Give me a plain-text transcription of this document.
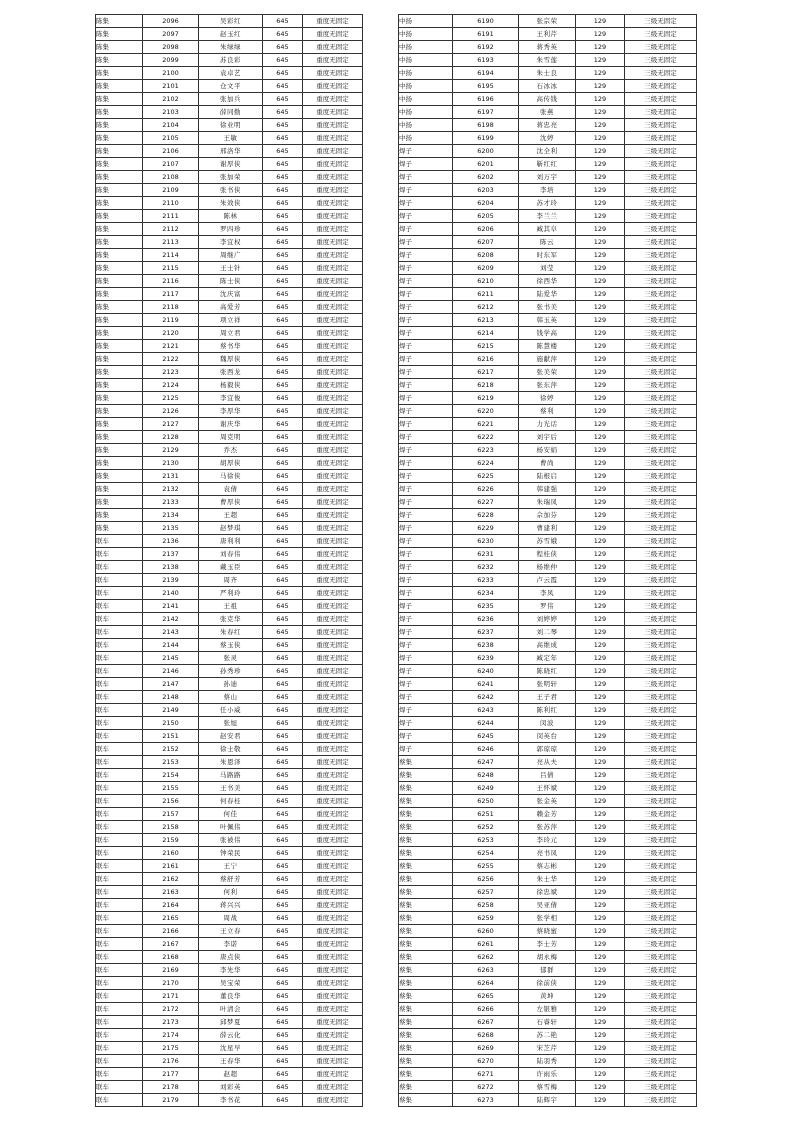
陈集	2096	吴彩红	645	重度无固定
陈集	2097	赵玉红	645	重度无固定
陈集	2098	朱绿绿	645	重度无固定
陈集	2099	苏良彩	645	重度无固定
陈集	2100	袁卓艺	645	重度无固定
陈集	2101	仓文平	645	重度无固定
陈集	2102	张加兵	645	重度无固定
陈集	2103	薛同勤	645	重度无固定
陈集	2104	徐业明	645	重度无固定
陈集	2105	王敏	645	重度无固定
陈集	2106	邢洛华	645	重度无固定
陈集	2107	谢厚侠	645	重度无固定
陈集	2108	张加荣	645	重度无固定
陈集	2109	张书侠	645	重度无固定
陈集	2110	朱效侠	645	重度无固定
陈集	2111	陈林	645	重度无固定
陈集	2112	罗四珍	645	重度无固定
陈集	2113	李宜权	645	重度无固定
陈集	2114	周继广	645	重度无固定
陈集	2115	王士针	645	重度无固定
陈集	2116	陈士侠	645	重度无固定
陈集	2117	沈庆富	645	重度无固定
陈集	2118	高爱芳	645	重度无固定
陈集	2119	项立祥	645	重度无固定
陈集	2120	周立君	645	重度无固定
陈集	2121	蔡书华	645	重度无固定
陈集	2122	魏厚侠	645	重度无固定
陈集	2123	张西龙	645	重度无固定
陈集	2124	杨毅侠	645	重度无固定
陈集	2125	李宜俊	645	重度无固定
陈集	2126	李厚华	645	重度无固定
陈集	2127	谢庆华	645	重度无固定
陈集	2128	周克明	645	重度无固定
陈集	2129	乔杰	645	重度无固定
陈集	2130	胡厚侠	645	重度无固定
陈集	2131	马徐侠	645	重度无固定
陈集	2132	袁倩	645	重度无固定
陈集	2133	曹厚侠	645	重度无固定
陈集	2134	王超	645	重度无固定
陈集	2135	赵梦琪	645	重度无固定
联车	2136	唐利利	645	重度无固定
联车	2137	刘春伟	645	重度无固定
联车	2138	戴玉臣	645	重度无固定
联车	2139	周齐	645	重度无固定
联车	2140	严利玲	645	重度无固定
联车	2141	王祖	645	重度无固定
联车	2142	张克华	645	重度无固定
联车	2143	朱春红	645	重度无固定
联车	2144	蔡玉侠	645	重度无固定
联车	2145	张灵	645	重度无固定
联车	2146	孙秀珍	645	重度无固定
联车	2147	孙迪	645	重度无固定
联车	2148	蔡山	645	重度无固定
联车	2149	任小威	645	重度无固定
联车	2150	张旭	645	重度无固定
联车	2151	赵安君	645	重度无固定
联车	2152	徐士敬	645	重度无固定
联车	2153	朱恩泽	645	重度无固定
联车	2154	马路路	645	重度无固定
联车	2155	王书美	645	重度无固定
联车	2156	何春桂	645	重度无固定
联车	2157	何佳	645	重度无固定
联车	2158	叶佩伟	645	重度无固定
联车	2159	张被伟	645	重度无固定
联车	2160	钟荣民	645	重度无固定
联车	2161	王宁	645	重度无固定
联车	2162	蔡舒芳	645	重度无固定
联车	2163	何利	645	重度无固定
联车	2164	蒋兴兴	645	重度无固定
联车	2165	周战	645	重度无固定
联车	2166	王立春	645	重度无固定
联车	2167	李诺	645	重度无固定
联车	2168	唐点侠	645	重度无固定
联车	2169	李先华	645	重度无固定
联车	2170	吴宝荣	645	重度无固定
联车	2171	董良华	645	重度无固定
联车	2172	叶清会	645	重度无固定
联车	2173	邱梦夏	645	重度无固定
联车	2174	薛云化	645	重度无固定
联车	2175	沈星早	645	重度无固定
联车	2176	王春华	645	重度无固定
联车	2177	赵超	645	重度无固定
联车	2178	刘彩英	645	重度无固定
联车	2179	李书花	645	重度无固定
中扬	6190	张宗荣	129	三级无固定
中扬	6191	王利芹	129	三级无固定
中扬	6192	蒋秀英	129	三级无固定
中扬	6193	朱雪莲	129	三级无固定
中扬	6194	朱士良	129	三级无固定
中扬	6195	石冰冰	129	三级无固定
中扬	6196	高传钱	129	三级无固定
中扬	6197	张燕	129	三级无固定
中扬	6198	蒋忠亮	129	三级无固定
中扬	6199	沈婷	129	三级无固定
焊子	6200	沈全利	129	三级无固定
焊子	6201	靳红红	129	三级无固定
焊子	6202	刘万宇	129	三级无固定
焊子	6203	李培	129	三级无固定
焊子	6204	苏才玲	129	三级无固定
焊子	6205	李兰兰	129	三级无固定
焊子	6206	臧其阜	129	三级无固定
焊子	6207	陈云	129	三级无固定
焊子	6208	时东军	129	三级无固定
焊子	6209	刘莹	129	三级无固定
焊子	6210	徐西华	129	三级无固定
焊子	6211	陆爱华	129	三级无固定
焊子	6212	张书美	129	三级无固定
焊子	6213	韩玉英	129	三级无固定
焊子	6214	钱学高	129	三级无固定
焊子	6215	陈慧楼	129	三级无固定
焊子	6216	施献萍	129	三级无固定
焊子	6217	张美荣	129	三级无固定
焊子	6218	张东萍	129	三级无固定
焊子	6219	徐婷	129	三级无固定
焊子	6220	蔡利	129	三级无固定
焊子	6221	力光话	129	三级无固定
焊子	6222	刘宇后	129	三级无固定
焊子	6223	杨安娟	129	三级无固定
焊子	6224	曹尚	129	三级无固定
焊子	6225	陆根启	129	三级无固定
焊子	6226	韩建强	129	三级无固定
焊子	6227	朱瑞凤	129	三级无固定
焊子	6228	佘加芬	129	三级无固定
焊子	6229	曹建利	129	三级无固定
焊子	6230	苏雪娥	129	三级无固定
焊子	6231	程桂侠	129	三级无固定
焊子	6232	杨维仲	129	三级无固定
焊子	6233	卢云霞	129	三级无固定
焊子	6234	李凤	129	三级无固定
焊子	6235	罗伟	129	三级无固定
焊子	6236	刘婷婷	129	三级无固定
焊子	6237	刘二琴	129	三级无固定
焊子	6238	高维成	129	三级无固定
焊子	6239	臧定年	129	三级无固定
焊子	6240	陈晓红	129	三级无固定
焊子	6241	张明轩	129	三级无固定
焊子	6242	王子君	129	三级无固定
焊子	6243	陈利红	129	三级无固定
焊子	6244	闵波	129	三级无固定
焊子	6245	闵英台	129	三级无固定
焊子	6246	郭琼琼	129	三级无固定
蔡集	6247	亮从夫	129	三级无固定
蔡集	6248	吕倩	129	三级无固定
蔡集	6249	王怀斌	129	三级无固定
蔡集	6250	张金英	129	三级无固定
蔡集	6251	赖金芳	129	三级无固定
蔡集	6252	张苏萍	129	三级无固定
蔡集	6253	李玲元	129	三级无固定
蔡集	6254	亮书凤	129	三级无固定
蔡集	6255	蔡志彬	129	三级无固定
蔡集	6256	朱士华	129	三级无固定
蔡集	6257	徐忠斌	129	三级无固定
蔡集	6258	吴亚倩	129	三级无固定
蔡集	6259	张学相	129	三级无固定
蔡集	6260	蔡晓蜜	129	三级无固定
蔡集	6261	李士芳	129	三级无固定
蔡集	6262	胡永梅	129	三级无固定
蔡集	6263	郁群	129	三级无固定
蔡集	6264	徐前侠	129	三级无固定
蔡集	6265	黄坤	129	三级无固定
蔡集	6266	左银雅	129	三级无固定
蔡集	6267	石睿轩	129	三级无固定
蔡集	6268	苏二艳	129	三级无固定
蔡集	6269	宋芝芹	129	三级无固定
蔡集	6270	陆羽秀	129	三级无固定
蔡集	6271	许雨乐	129	三级无固定
蔡集	6272	蔡雪梅	129	三级无固定
蔡集	6273	陆辉宇	129	三级无固定
